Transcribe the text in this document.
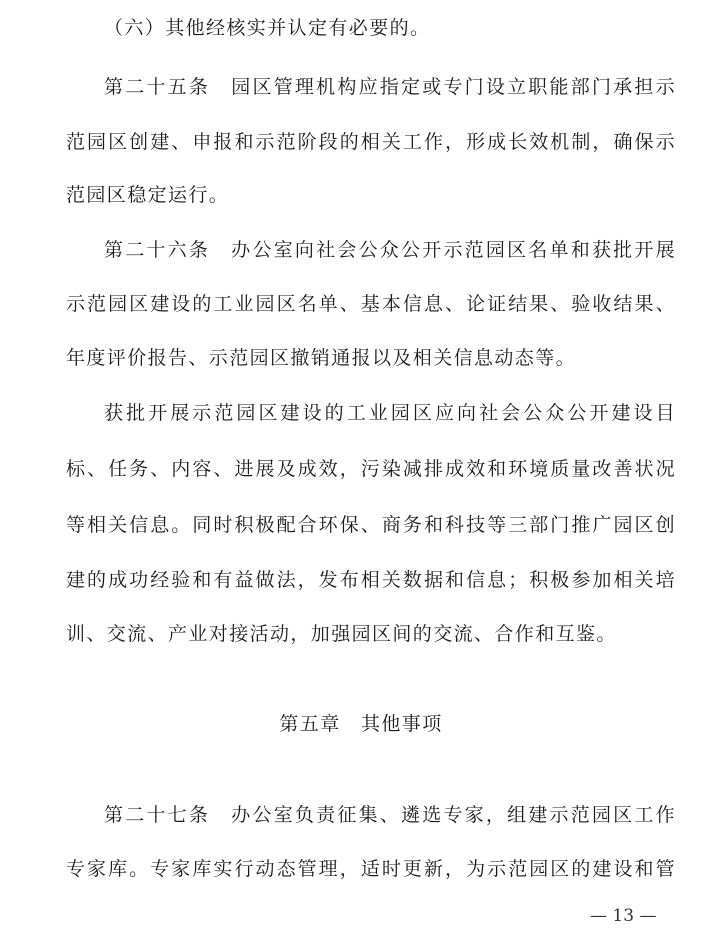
（六）其他经核实并认定有必要的。
第二十五条　园区管理机构应指定或专门设立职能部门承担示
范园区创建、申报和示范阶段的相关工作，形成长效机制，确保示
范园区稳定运行。
第二十六条　办公室向社会公众公开示范园区名单和获批开展
示范园区建设的工业园区名单、基本信息、论证结果、验收结果、
年度评价报告、示范园区撤销通报以及相关信息动态等。
获批开展示范园区建设的工业园区应向社会公众公开建设目
标、任务、内容、进展及成效，污染减排成效和环境质量改善状况
等相关信息。同时积极配合环保、商务和科技等三部门推广园区创
建的成功经验和有益做法，发布相关数据和信息；积极参加相关培
训、交流、产业对接活动，加强园区间的交流、合作和互鉴。
第五章　其他事项
第二十七条　办公室负责征集、遴选专家，组建示范园区工作
专家库。专家库实行动态管理，适时更新，为示范园区的建设和管
— 13 —
